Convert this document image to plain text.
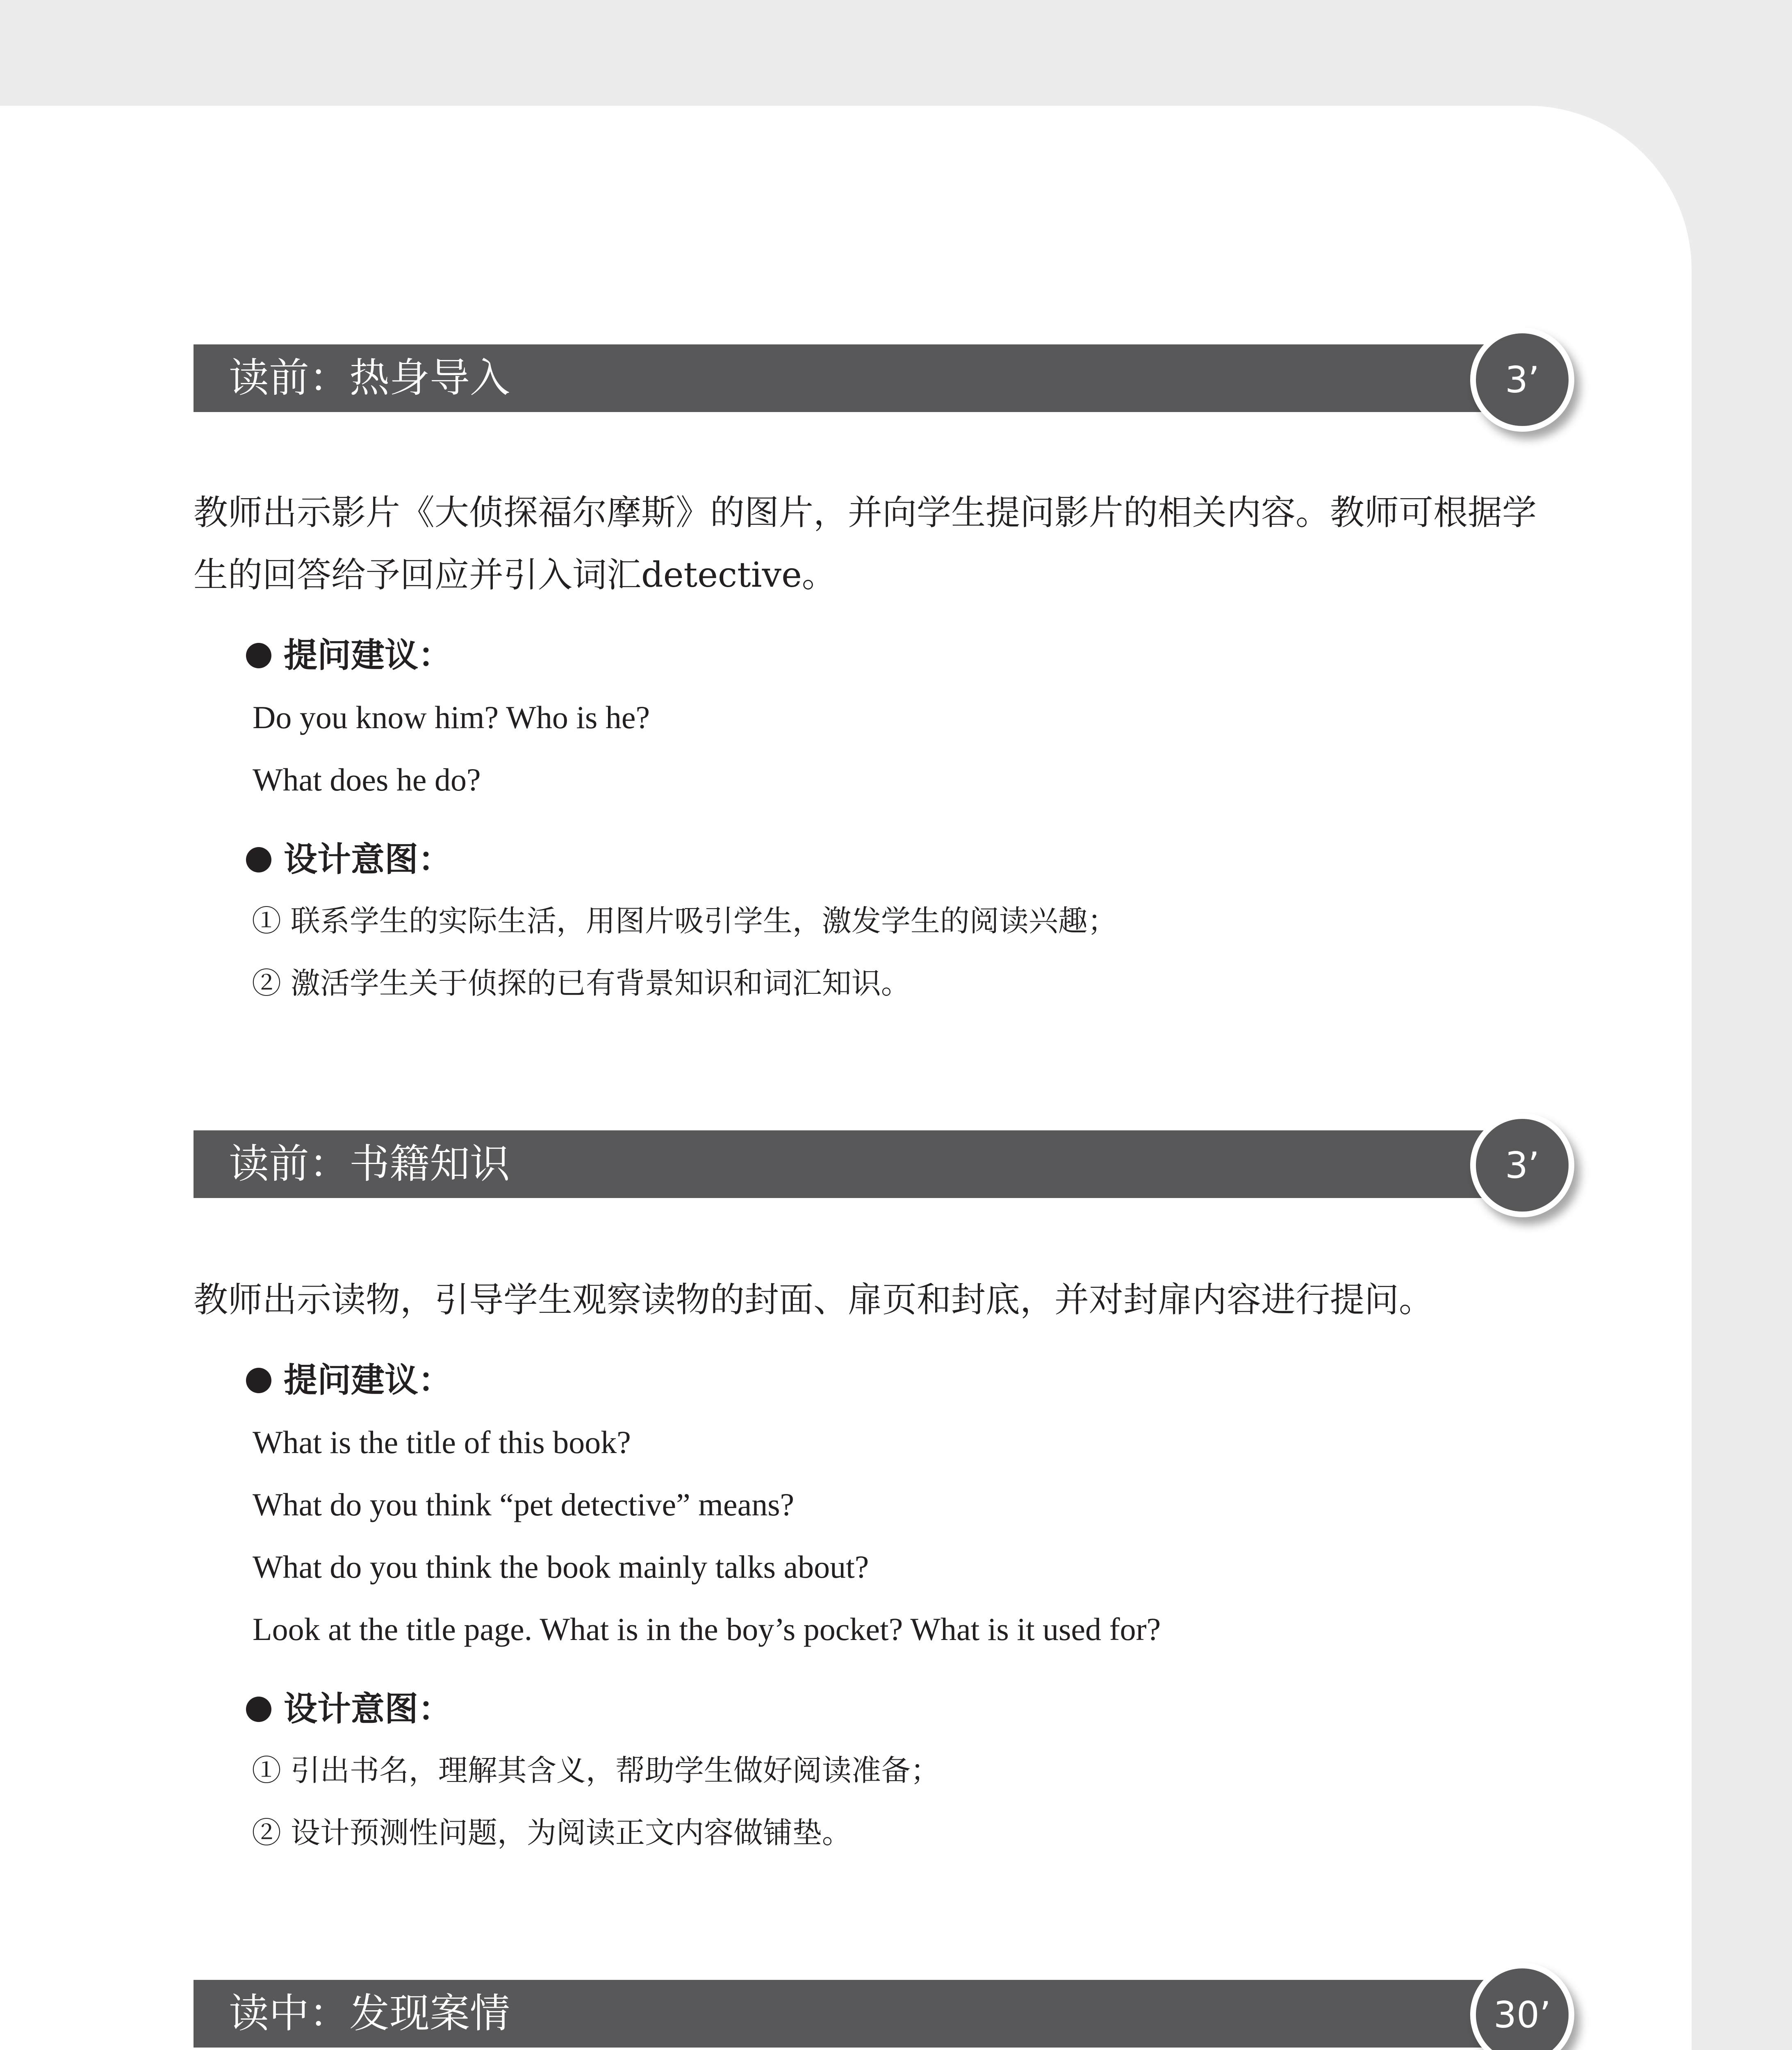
读前：热身导入	3’
教师出示影片《大侦探福尔摩斯》的图片，并向学生提问影片的相关内容。教师可根据学
生的回答给予回应并引入词汇detective。
提问建议：
Do you know him? Who is he?
What does he do?
设计意图：
① 联系学生的实际生活，用图片吸引学生，激发学生的阅读兴趣；
② 激活学生关于侦探的已有背景知识和词汇知识。
读前：书籍知识	3’
教师出示读物，引导学生观察读物的封面、扉页和封底，并对封扉内容进行提问。
提问建议：
What is the title of this book?
What do you think “pet detective” means?
What do you think the book mainly talks about?
Look at the title page. What is in the boy’s pocket? What is it used for?
设计意图：
① 引出书名，理解其含义，帮助学生做好阅读准备；
② 设计预测性问题，为阅读正文内容做铺垫。
读中：发现案情	30’
